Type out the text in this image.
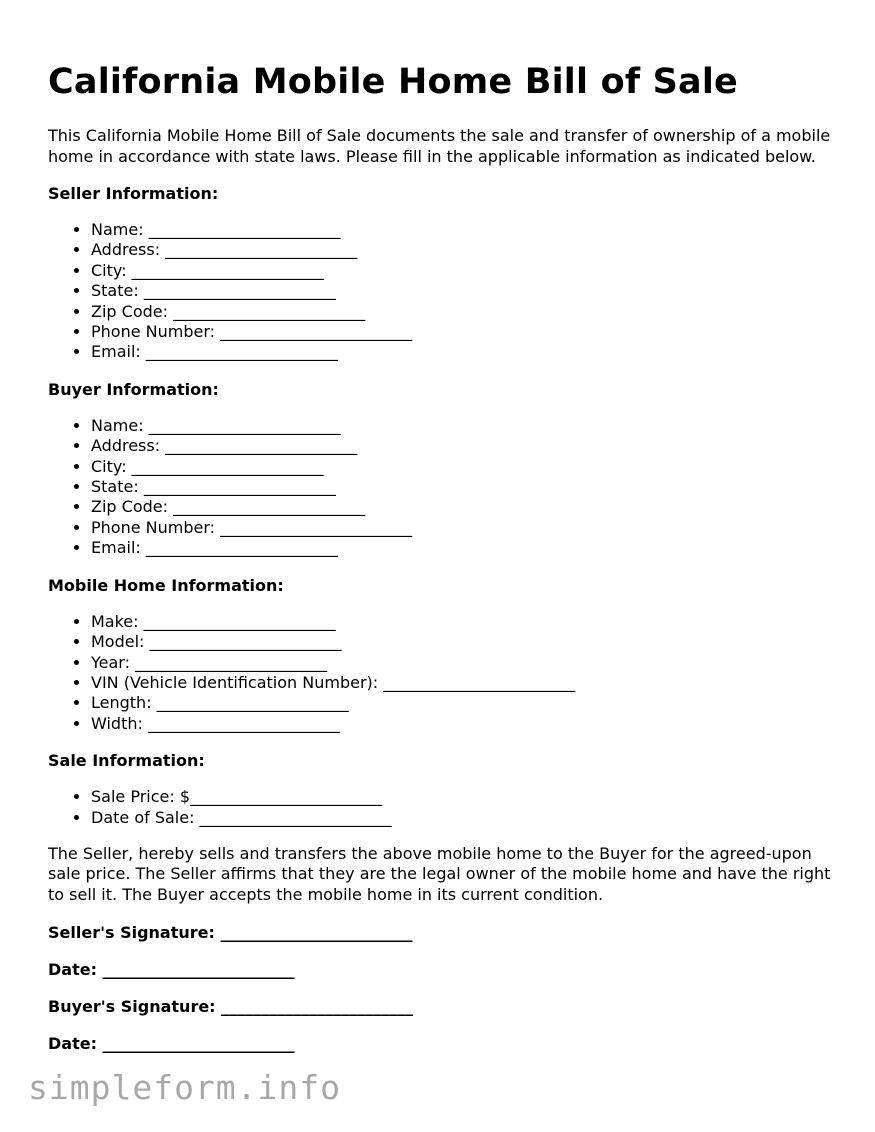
California Mobile Home Bill of Sale

This California Mobile Home Bill of Sale documents the sale and transfer of ownership of a mobile home in accordance with state laws. Please fill in the applicable information as indicated below.

Seller Information:
• Name: ________________________
• Address: ________________________
• City: ________________________
• State: ________________________
• Zip Code: ________________________
• Phone Number: ________________________
• Email: ________________________
Buyer Information:
• Name: ________________________
• Address: ________________________
• City: ________________________
• State: ________________________
• Zip Code: ________________________
• Phone Number: ________________________
• Email: ________________________
Mobile Home Information:
• Make: ________________________
• Model: ________________________
• Year: ________________________
• VIN (Vehicle Identification Number): ________________________
• Length: ________________________
• Width: ________________________
Sale Information:
• Sale Price: $________________________
• Date of Sale: ________________________

The Seller, hereby sells and transfers the above mobile home to the Buyer for the agreed-upon sale price. The Seller affirms that they are the legal owner of the mobile home and have the right to sell it. The Buyer accepts the mobile home in its current condition.

Seller's Signature: ________________________
Date: ________________________
Buyer's Signature: ________________________
Date: ________________________
simpleform.info
